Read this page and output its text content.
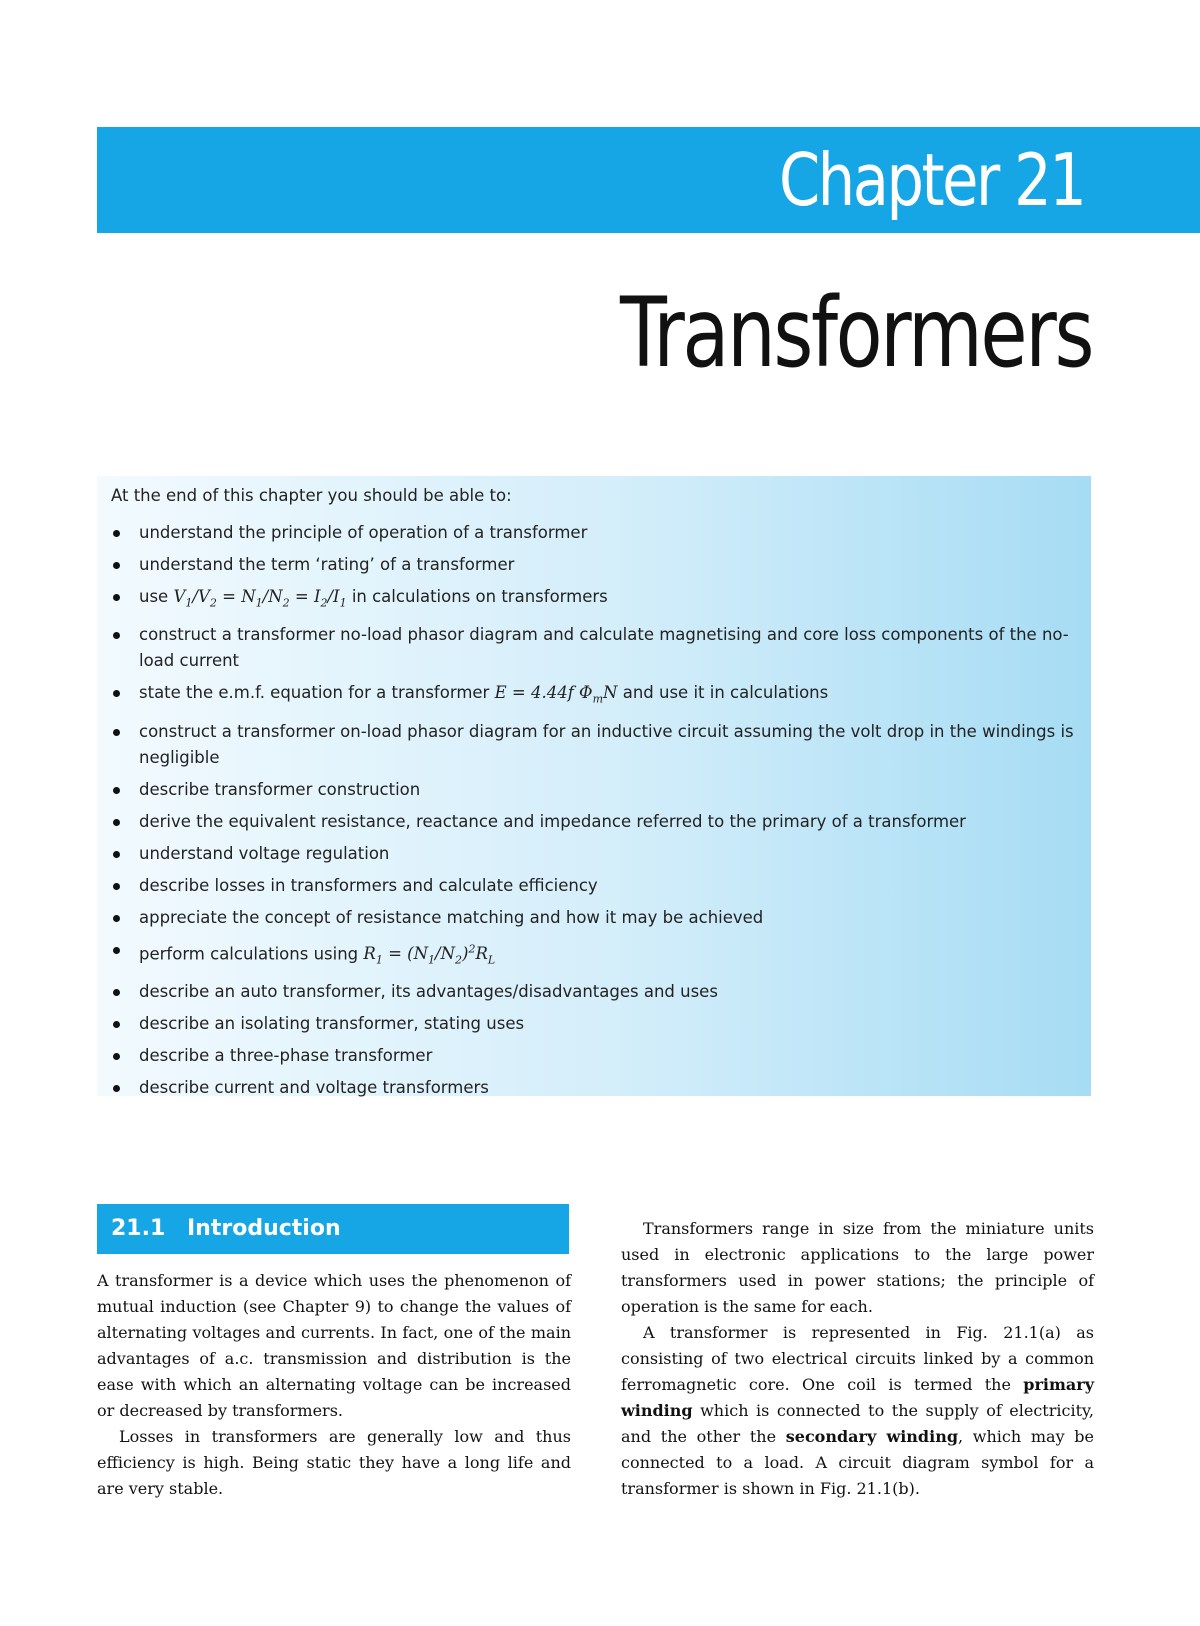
Chapter 21
Transformers
At the end of this chapter you should be able to:
understand the principle of operation of a transformer
understand the term ‘rating’ of a transformer
use $V_1/V_2 = N_1/N_2 = I_2/I_1$ in calculations on transformers
construct a transformer no-load phasor diagram and calculate magnetising and core loss components of the no-load current
state the e.m.f. equation for a transformer E = 4.44f $\Phi_mN$ and use it in calculations
construct a transformer on-load phasor diagram for an inductive circuit assuming the volt drop in the windings is negligible
describe transformer construction
derive the equivalent resistance, reactance and impedance referred to the primary of a transformer
understand voltage regulation
describe losses in transformers and calculate efficiency
appreciate the concept of resistance matching and how it may be achieved
perform calculations using $R_1 = (N_1/N_2)^2R_L$
describe an auto transformer, its advantages/disadvantages and uses
describe an isolating transformer, stating uses
describe a three-phase transformer
describe current and voltage transformers
21.1 Introduction

A transformer is a device which uses the phenomenon of mutual induction (see Chapter 9) to change the values of alternating voltages and currents. In fact, one of the main advantages of a.c. transmission and distribution is the ease with which an alternating voltage can be increased or decreased by transformers.

Losses in transformers are generally low and thus efficiency is high. Being static they have a long life and are very stable.

Transformers range in size from the miniature units used in electronic applications to the large power transformers used in power stations; the principle of operation is the same for each.

A transformer is represented in Fig. 21.1(a) as consisting of two electrical circuits linked by a common ferromagnetic core. One coil is termed the primary winding which is connected to the supply of electricity, and the other the secondary winding, which may be connected to a load. A circuit diagram symbol for a transformer is shown in Fig. 21.1(b).
